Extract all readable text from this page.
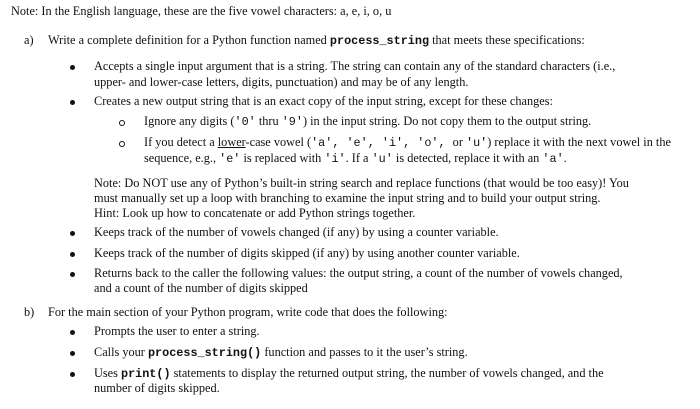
Note: In the English language, these are the five vowel characters: a, e, i, o, u
a) Write a complete definition for a Python function named process_string that meets these specifications:
Accepts a single input argument that is a string. The string can contain any of the standard characters (i.e.,
upper- and lower-case letters, digits, punctuation) and may be of any length.
Creates a new output string that is an exact copy of the input string, except for these changes:
Ignore any digits ('0' thru '9') in the input string. Do not copy them to the output string.
If you detect a lower-case vowel ('a', 'e', 'i', 'o', or 'u') replace it with the next vowel in the
sequence, e.g., 'e' is replaced with 'i'. If a 'u' is detected, replace it with an 'a'.
Note: Do NOT use any of Python’s built-in string search and replace functions (that would be too easy)! You
must manually set up a loop with branching to examine the input string and to build your output string.
Hint: Look up how to concatenate or add Python strings together.
Keeps track of the number of vowels changed (if any) by using a counter variable.
Keeps track of the number of digits skipped (if any) by using another counter variable.
Returns back to the caller the following values: the output string, a count of the number of vowels changed,
and a count of the number of digits skipped
b) For the main section of your Python program, write code that does the following:
Prompts the user to enter a string.
Calls your process_string() function and passes to it the user’s string.
Uses print() statements to display the returned output string, the number of vowels changed, and the
number of digits skipped.
